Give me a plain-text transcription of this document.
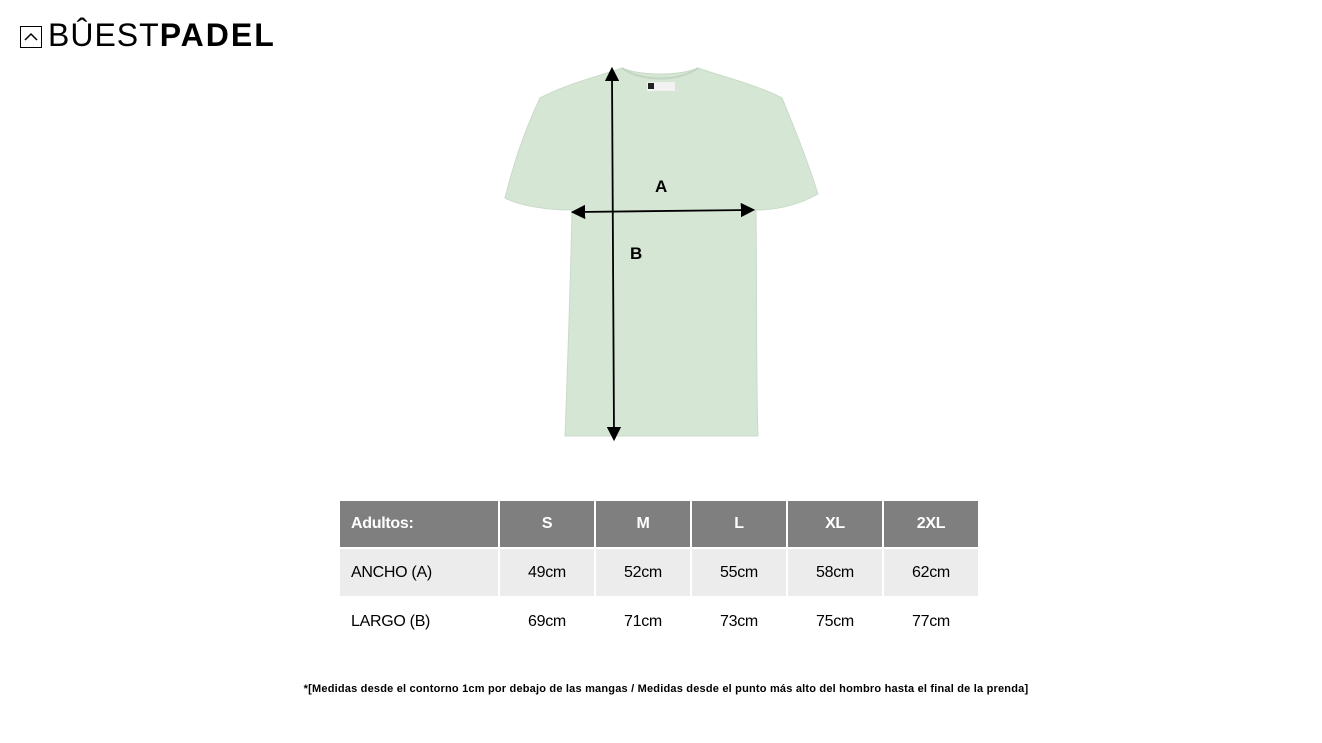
BÛEST PADEL
A
B
Adultos:	S	M	L	XL	2XL
ANCHO (A)	49cm	52cm	55cm	58cm	62cm
LARGO (B)	69cm	71cm	73cm	75cm	77cm
*[Medidas desde el contorno 1cm por debajo de las mangas / Medidas desde el punto más alto del hombro hasta el final de la prenda]
